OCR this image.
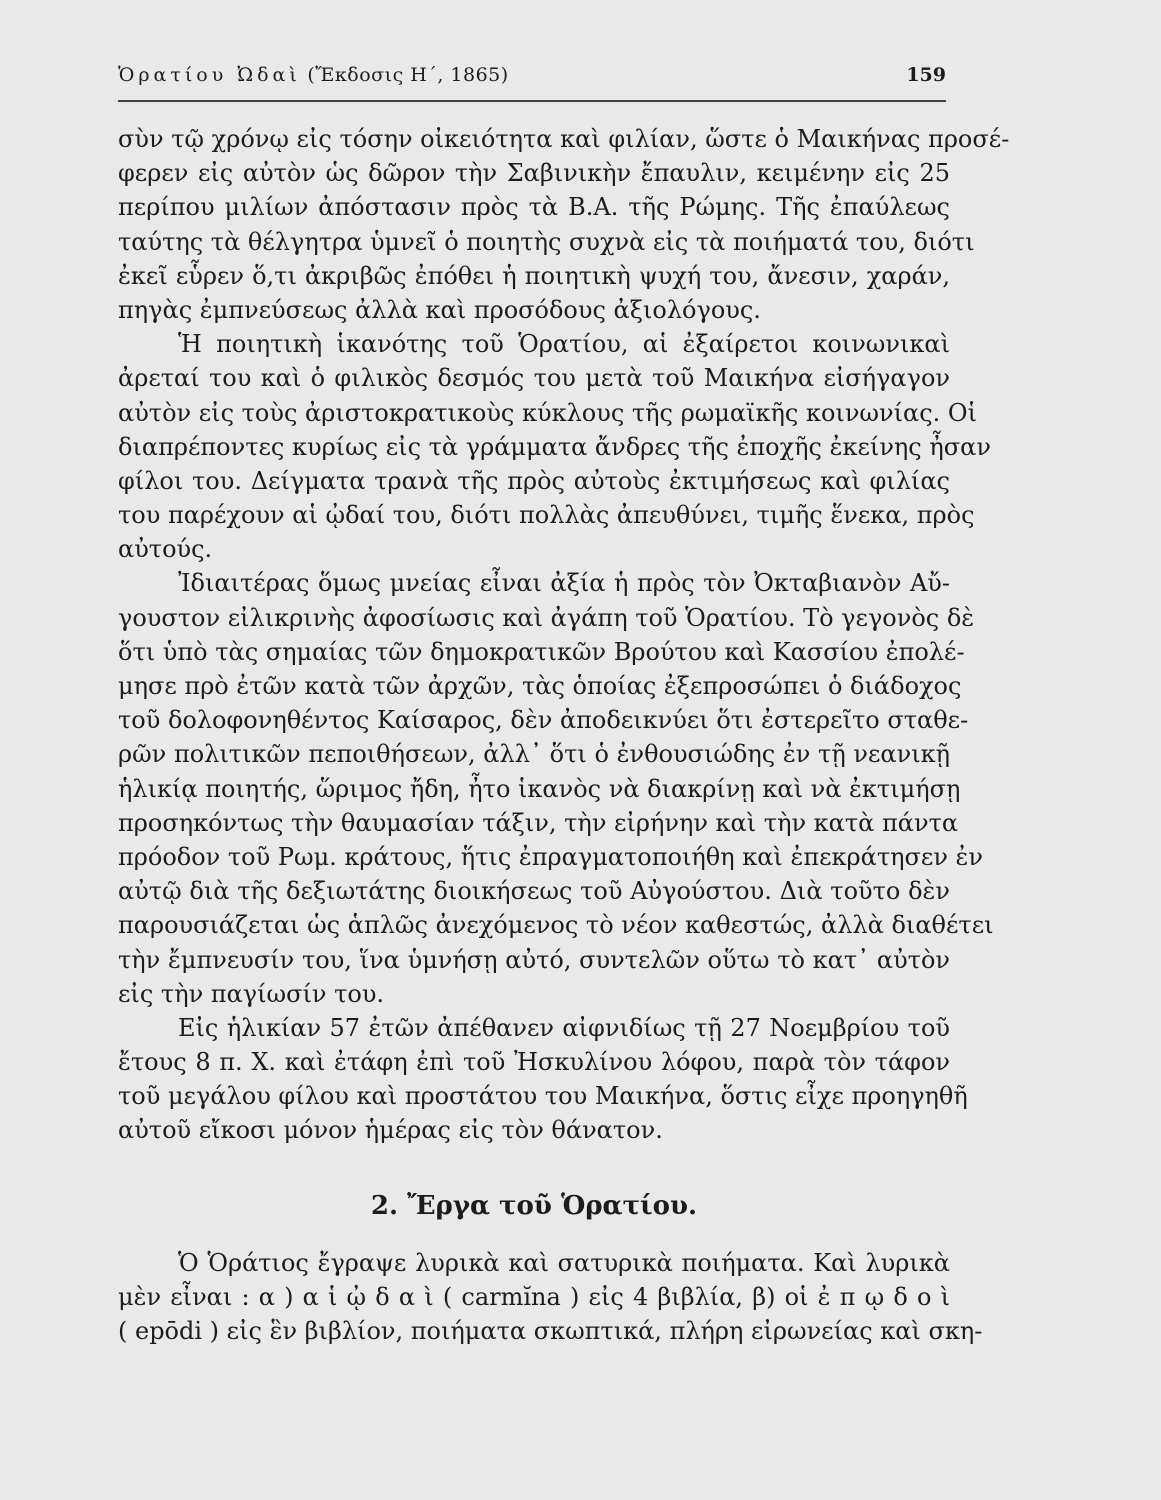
Ὁρατίου Ὠδαὶ (Ἔκδοσις Η΄, 1865)	159
σὺν τῷ χρόνῳ εἰς τόσην οἰκειότητα καὶ φιλίαν, ὥστε ὁ Μαικήνας προσέ-
φερεν εἰς αὐτὸν ὡς δῶρον τὴν Σαβινικὴν ἔπαυλιν, κειμένην εἰς 25
περίπου μιλίων ἀπόστασιν πρὸς τὰ Β.Α. τῆς Ρώμης. Τῆς ἐπαύλεως
ταύτης τὰ θέλγητρα ὑμνεῖ ὁ ποιητὴς συχνὰ εἰς τὰ ποιήματά του, διότι
ἐκεῖ εὗρεν ὅ,τι ἀκριβῶς ἐπόθει ἡ ποιητικὴ ψυχή του, ἄνεσιν, χαράν,
πηγὰς ἐμπνεύσεως ἀλλὰ καὶ προσόδους ἀξιολόγους.
Ἡ ποιητικὴ ἱκανότης τοῦ Ὁρατίου, αἱ ἐξαίρετοι κοινωνικαὶ
ἀρεταί του καὶ ὁ φιλικὸς δεσμός του μετὰ τοῦ Μαικήνα εἰσήγαγον
αὐτὸν εἰς τοὺς ἀριστοκρατικοὺς κύκλους τῆς ρωμαϊκῆς κοινωνίας. Οἱ
διαπρέποντες κυρίως εἰς τὰ γράμματα ἄνδρες τῆς ἐποχῆς ἐκείνης ἦσαν
φίλοι του. Δείγματα τρανὰ τῆς πρὸς αὐτοὺς ἐκτιμήσεως καὶ φιλίας
του παρέχουν αἱ ᾠδαί του, διότι πολλὰς ἀπευθύνει, τιμῆς ἕνεκα, πρὸς
αὐτούς.
Ἰδιαιτέρας ὅμως μνείας εἶναι ἀξία ἡ πρὸς τὸν Ὀκταβιανὸν Αὔ-
γουστον εἰλικρινὴς ἀφοσίωσις καὶ ἀγάπη τοῦ Ὁρατίου. Τὸ γεγονὸς δὲ
ὅτι ὑπὸ τὰς σημαίας τῶν δημοκρατικῶν Βρούτου καὶ Κασσίου ἐπολέ-
μησε πρὸ ἐτῶν κατὰ τῶν ἀρχῶν, τὰς ὁποίας ἐξεπροσώπει ὁ διάδοχος
τοῦ δολοφονηθέντος Καίσαρος, δὲν ἀποδεικνύει ὅτι ἐστερεῖτο σταθε-
ρῶν πολιτικῶν πεποιθήσεων, ἀλλ᾿ ὅτι ὁ ἐνθουσιώδης ἐν τῇ νεανικῇ
ἡλικίᾳ ποιητής, ὥριμος ἤδη, ἦτο ἱκανὸς νὰ διακρίνῃ καὶ νὰ ἐκτιμήσῃ
προσηκόντως τὴν θαυμασίαν τάξιν, τὴν εἰρήνην καὶ τὴν κατὰ πάντα
πρόοδον τοῦ Ρωμ. κράτους, ἥτις ἐπραγματοποιήθη καὶ ἐπεκράτησεν ἐν
αὐτῷ διὰ τῆς δεξιωτάτης διοικήσεως τοῦ Αὐγούστου. Διὰ τοῦτο δὲν
παρουσιάζεται ὡς ἁπλῶς ἀνεχόμενος τὸ νέον καθεστώς, ἀλλὰ διαθέτει
τὴν ἔμπνευσίν του, ἵνα ὑμνήσῃ αὐτό, συντελῶν οὕτω τὸ κατ᾿ αὐτὸν
εἰς τὴν παγίωσίν του.
Εἰς ἡλικίαν 57 ἐτῶν ἀπέθανεν αἰφνιδίως τῇ 27 Νοεμβρίου τοῦ
ἔτους 8 π. Χ. καὶ ἐτάφη ἐπὶ τοῦ Ἠσκυλίνου λόφου, παρὰ τὸν τάφον
τοῦ μεγάλου φίλου καὶ προστάτου του Μαικήνα, ὅστις εἶχε προηγηθῆ
αὐτοῦ εἴκοσι μόνον ἡμέρας εἰς τὸν θάνατον.
2. Ἔργα τοῦ Ὁρατίου.
Ὁ Ὁράτιος ἔγραψε λυρικὰ καὶ σατυρικὰ ποιήματα. Καὶ λυρικὰ
μὲν εἶναι : α ) α ἱ ᾠ δ α ὶ ( carmĭna ) εἰς 4 βιβλία, β) οἱ ἐ π ῳ δ ο ὶ
( epōdi ) εἰς ἓν βιβλίον, ποιήματα σκωπτικά, πλήρη εἰρωνείας καὶ σκη-
